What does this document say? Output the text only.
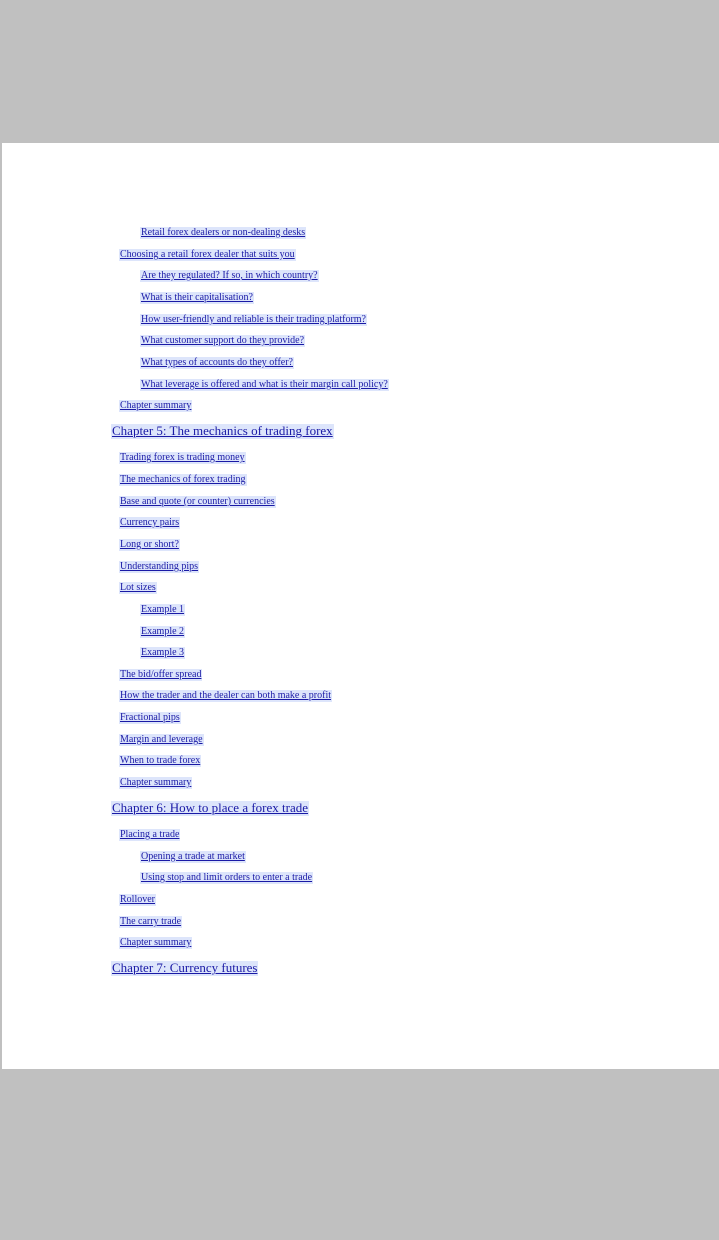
Retail forex dealers or non-dealing desks
Choosing a retail forex dealer that suits you
Are they regulated? If so, in which country?
What is their capitalisation?
How user-friendly and reliable is their trading platform?
What customer support do they provide?
What types of accounts do they offer?
What leverage is offered and what is their margin call policy?
Chapter summary
Chapter 5: The mechanics of trading forex
Trading forex is trading money
The mechanics of forex trading
Base and quote (or counter) currencies
Currency pairs
Long or short?
Understanding pips
Lot sizes
Example 1
Example 2
Example 3
The bid/offer spread
How the trader and the dealer can both make a profit
Fractional pips
Margin and leverage
When to trade forex
Chapter summary
Chapter 6: How to place a forex trade
Placing a trade
Opening a trade at market
Using stop and limit orders to enter a trade
Rollover
The carry trade
Chapter summary
Chapter 7: Currency futures
